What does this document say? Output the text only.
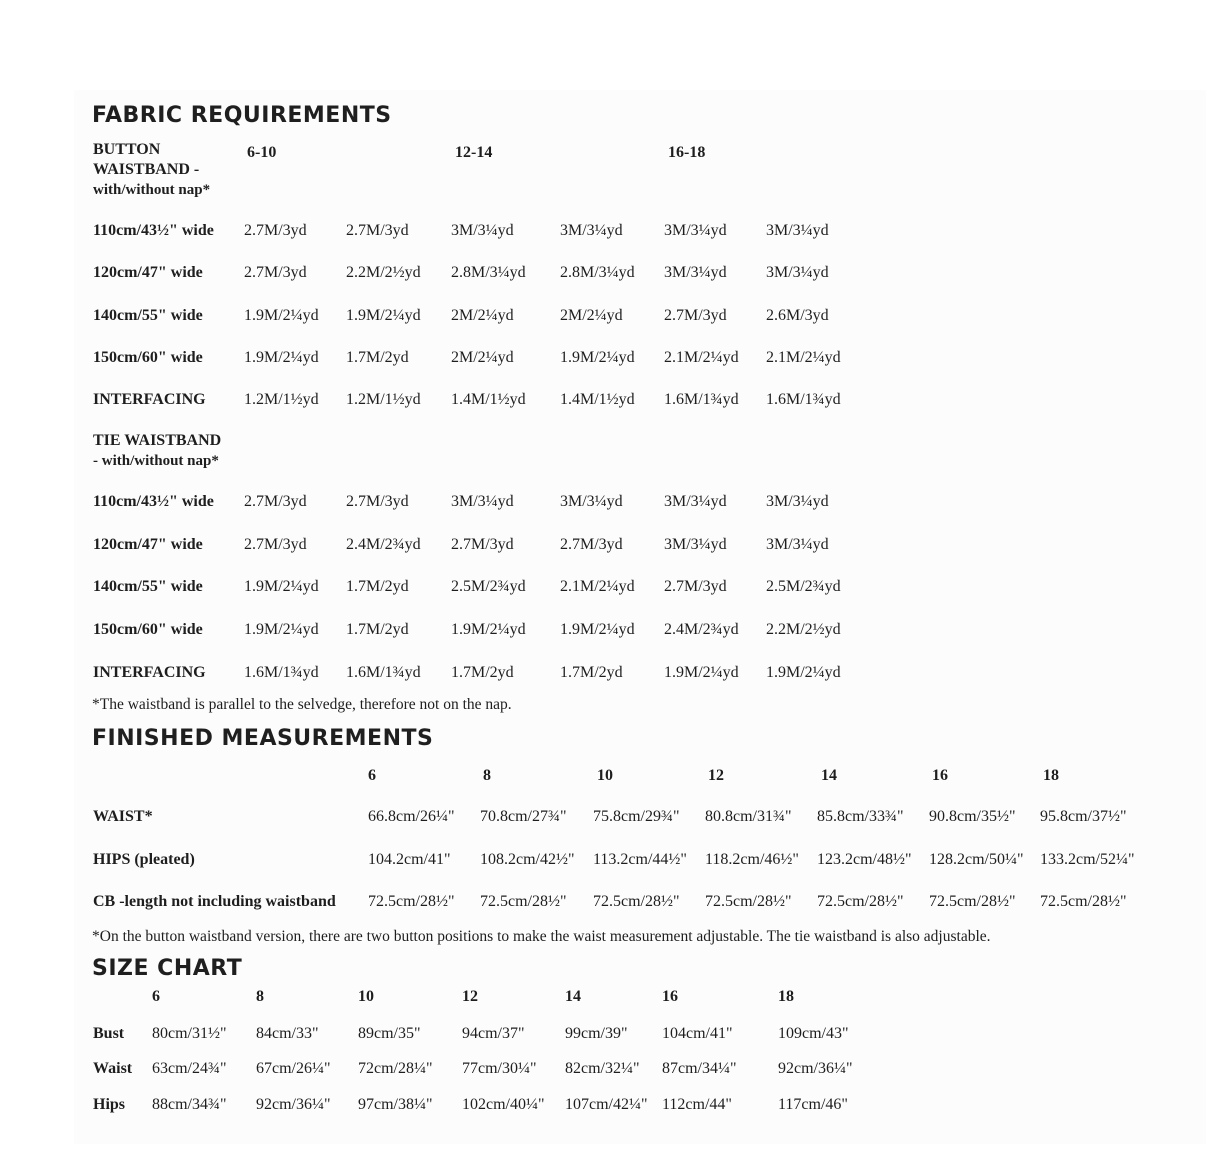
FABRIC REQUIREMENTS
BUTTON
WAISTBAND -
with/without nap*
6-10	12-14	16-18
110cm/43½" wide 2.7M/3yd 2.7M/3yd	3M/3¼yd	3M/3¼yd	3M/3¼yd 3M/3¼yd
120cm/47" wide	2.7M/3yd 2.2M/2½yd 2.8M/3¼yd 2.8M/3¼yd 3M/3¼yd 3M/3¼yd
140cm/55" wide	1.9M/2¼yd 1.9M/2¼yd 2M/2¼yd	2M/2¼yd	2.7M/3yd 2.6M/3yd
150cm/60" wide	1.9M/2¼yd 1.7M/2yd	2M/2¼yd	1.9M/2¼yd 2.1M/2¼yd 2.1M/2¼yd
INTERFACING 1.2M/1½yd 1.2M/1½yd 1.4M/1½yd 1.4M/1½yd 1.6M/1¾yd 1.6M/1¾yd
TIE WAISTBAND
- with/without nap*
110cm/43½" wide 2.7M/3yd 2.7M/3yd	3M/3¼yd	3M/3¼yd	3M/3¼yd 3M/3¼yd
120cm/47" wide	2.7M/3yd 2.4M/2¾yd 2.7M/3yd	2.7M/3yd	3M/3¼yd 3M/3¼yd
140cm/55" wide	1.9M/2¼yd 1.7M/2yd	2.5M/2¾yd 2.1M/2¼yd 2.7M/3yd 2.5M/2¾yd
150cm/60" wide	1.9M/2¼yd 1.7M/2yd	1.9M/2¼yd 1.9M/2¼yd 2.4M/2¾yd 2.2M/2½yd
INTERFACING 1.6M/1¾yd 1.6M/1¾yd 1.7M/2yd	1.7M/2yd	1.9M/2¼yd 1.9M/2¼yd
*The waistband is parallel to the selvedge, therefore not on the nap.
FINISHED MEASUREMENTS
6	8	10	12	14	16	18
WAIST*	66.8cm/26¼" 70.8cm/27¾" 75.8cm/29¾" 80.8cm/31¾" 85.8cm/33¾" 90.8cm/35½" 95.8cm/37½"
HIPS (pleated)	104.2cm/41" 108.2cm/42½" 113.2cm/44½" 118.2cm/46½" 123.2cm/48½" 128.2cm/50¼" 133.2cm/52¼"
CB -length not including waistband 72.5cm/28½" 72.5cm/28½" 72.5cm/28½" 72.5cm/28½" 72.5cm/28½" 72.5cm/28½" 72.5cm/28½"
*On the button waistband version, there are two button positions to make the waist measurement adjustable. The tie waistband is also adjustable.
SIZE CHART
6	8	10	12	14	16	18
Bust 80cm/31½" 84cm/33" 89cm/35"	94cm/37"	99cm/39" 104cm/41"	109cm/43"
Waist 63cm/24¾" 67cm/26¼" 72cm/28¼" 77cm/30¼" 82cm/32¼" 87cm/34¼"	92cm/36¼"
Hips 88cm/34¾" 92cm/36¼" 97cm/38¼" 102cm/40¼" 107cm/42¼" 112cm/44"	117cm/46"
